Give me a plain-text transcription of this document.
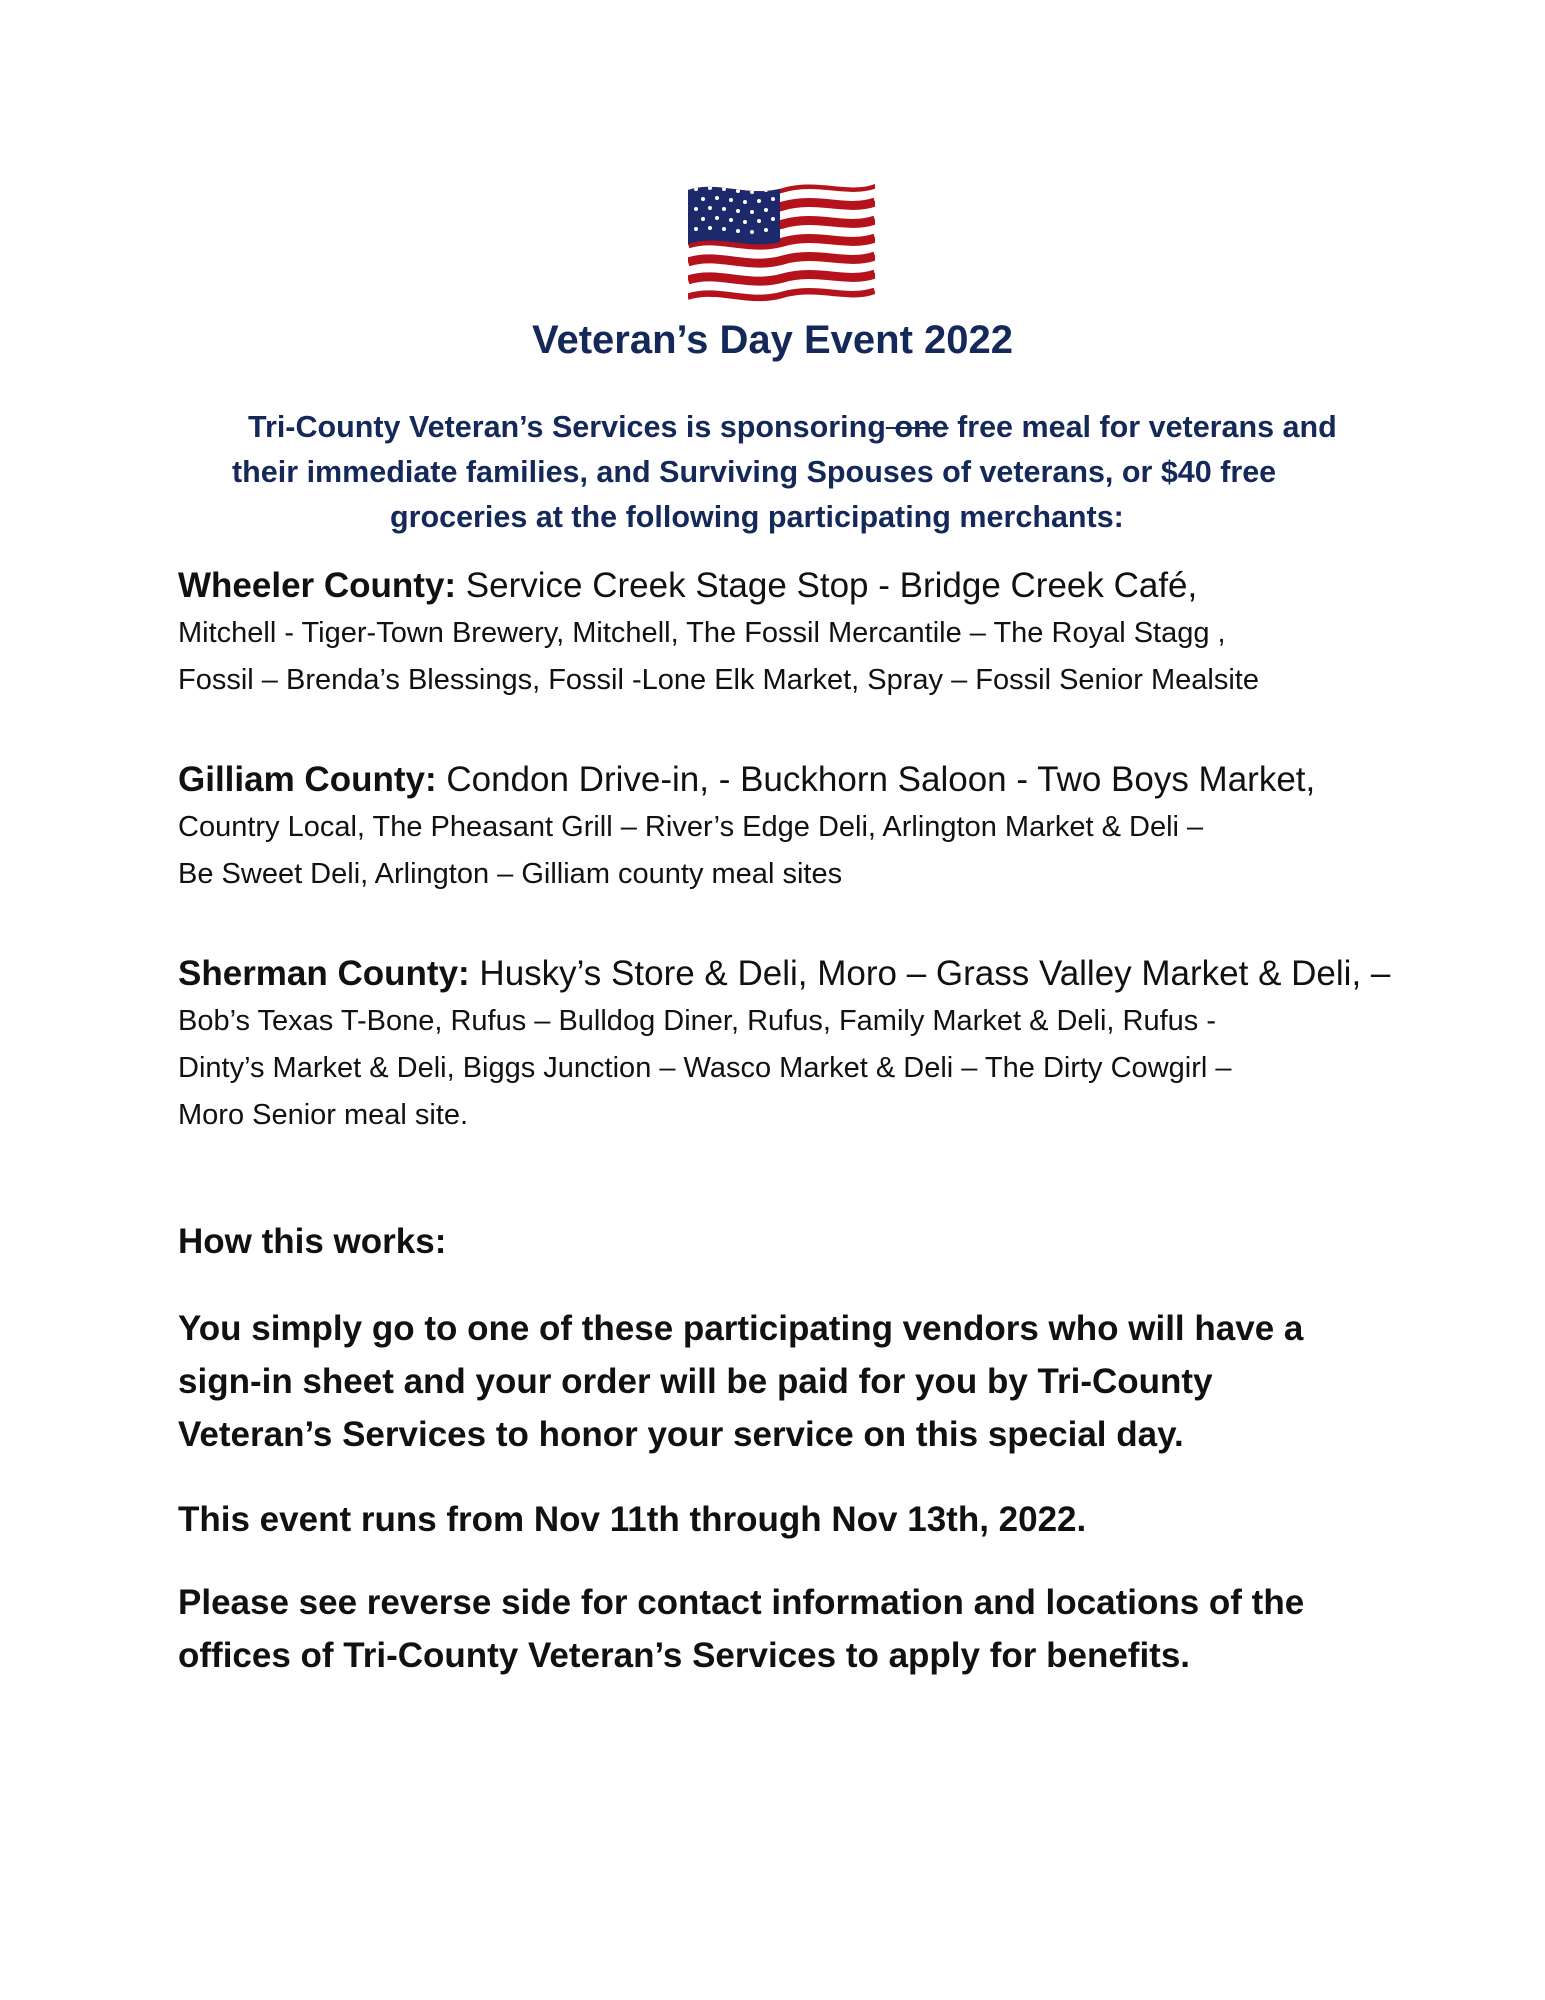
Veteran’s Day Event 2022
Tri-County Veteran’s Services is sponsoring one free meal for veterans and
their immediate families, and Surviving Spouses of veterans, or $40 free
groceries at the following participating merchants:
Wheeler County: Service Creek Stage Stop - Bridge Creek Café,
Mitchell - Tiger-Town Brewery, Mitchell, The Fossil Mercantile – The Royal Stagg ,
Fossil – Brenda’s Blessings, Fossil -Lone Elk Market, Spray – Fossil Senior Mealsite
Gilliam County: Condon Drive-in, - Buckhorn Saloon - Two Boys Market,
Country Local, The Pheasant Grill – River’s Edge Deli, Arlington Market & Deli –
Be Sweet Deli, Arlington – Gilliam county meal sites
Sherman County: Husky’s Store & Deli, Moro – Grass Valley Market & Deli, –
Bob’s Texas T-Bone, Rufus – Bulldog Diner, Rufus, Family Market & Deli, Rufus -
Dinty’s Market & Deli, Biggs Junction – Wasco Market & Deli – The Dirty Cowgirl –
Moro Senior meal site.
How this works:
You simply go to one of these participating vendors who will have a
sign-in sheet and your order will be paid for you by Tri-County
Veteran’s Services to honor your service on this special day.
This event runs from Nov 11th through Nov 13th, 2022.
Please see reverse side for contact information and locations of the
offices of Tri-County Veteran’s Services to apply for benefits.
